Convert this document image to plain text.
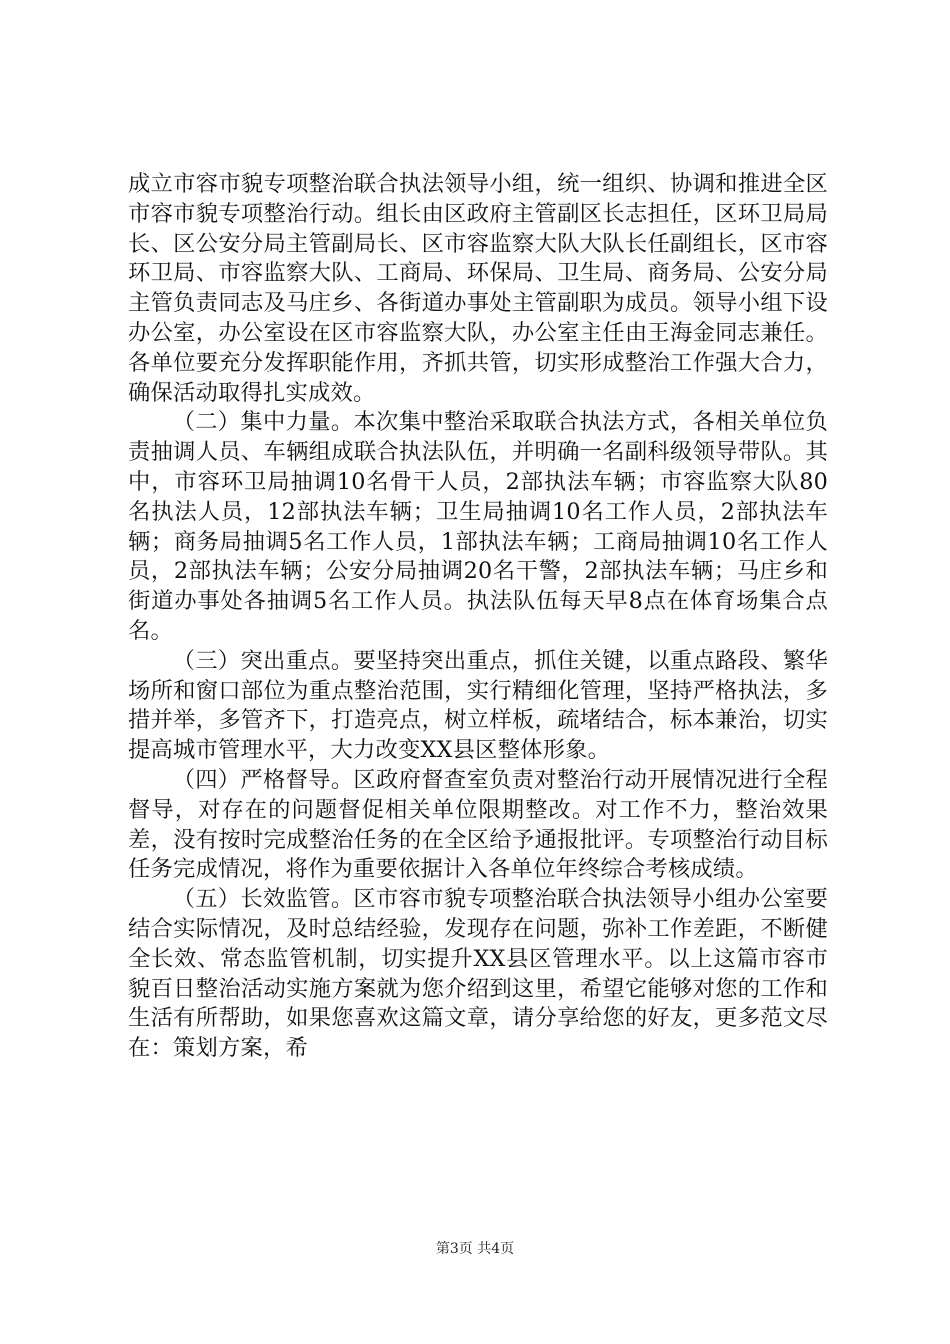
成立市容市貌专项整治联合执法领导小组，统一组织、协调和推进全区市容市貌专项整治行动。组长由区政府主管副区长志担任，区环卫局局长、区公安分局主管副局长、区市容监察大队大队长任副组长，区市容环卫局、市容监察大队、工商局、环保局、卫生局、商务局、公安分局主管负责同志及马庄乡、各街道办事处主管副职为成员。领导小组下设办公室，办公室设在区市容监察大队，办公室主任由王海金同志兼任。各单位要充分发挥职能作用，齐抓共管，切实形成整治工作强大合力，确保活动取得扎实成效。

（二）集中力量。本次集中整治采取联合执法方式，各相关单位负责抽调人员、车辆组成联合执法队伍，并明确一名副科级领导带队。其中，市容环卫局抽调10名骨干人员，2部执法车辆；市容监察大队80名执法人员，12部执法车辆；卫生局抽调10名工作人员，2部执法车辆；商务局抽调5名工作人员，1部执法车辆；工商局抽调10名工作人员，2部执法车辆；公安分局抽调20名干警，2部执法车辆；马庄乡和街道办事处各抽调5名工作人员。执法队伍每天早8点在体育场集合点名。

（三）突出重点。要坚持突出重点，抓住关键，以重点路段、繁华场所和窗口部位为重点整治范围，实行精细化管理，坚持严格执法，多措并举，多管齐下，打造亮点，树立样板，疏堵结合，标本兼治，切实提高城市管理水平，大力改变XX县区整体形象。

（四）严格督导。区政府督查室负责对整治行动开展情况进行全程督导，对存在的问题督促相关单位限期整改。对工作不力，整治效果差，没有按时完成整治任务的在全区给予通报批评。专项整治行动目标任务完成情况，将作为重要依据计入各单位年终综合考核成绩。

（五）长效监管。区市容市貌专项整治联合执法领导小组办公室要结合实际情况，及时总结经验，发现存在问题，弥补工作差距，不断健全长效、常态监管机制，切实提升XX县区管理水平。以上这篇市容市貌百日整治活动实施方案就为您介绍到这里，希望它能够对您的工作和生活有所帮助，如果您喜欢这篇文章，请分享给您的好友，更多范文尽在：策划方案，希

第3页 共4页
